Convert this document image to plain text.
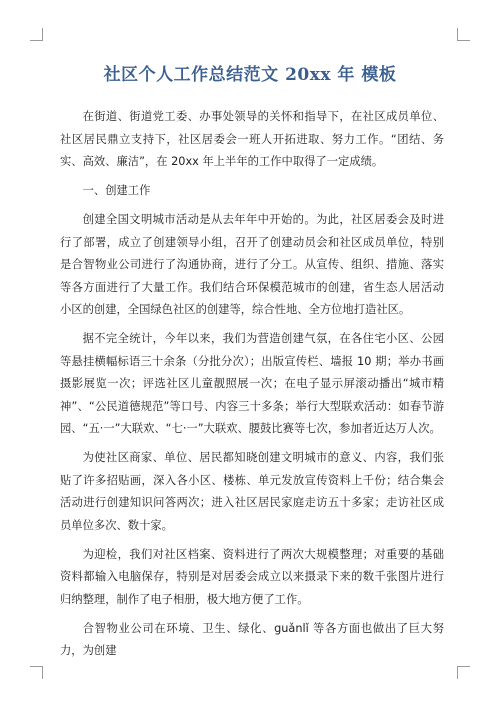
社区个人工作总结范文 20xx 年 模板

在街道、街道党工委、办事处领导的关怀和指导下，在社区成员单位、社区居民鼎立支持下，社区居委会一班人开拓进取、努力工作。“团结、务实、高效、廉洁”，在 20xx 年上半年的工作中取得了一定成绩。

一、创建工作

创建全国文明城市活动是从去年年中开始的。为此，社区居委会及时进行了部署，成立了创建领导小组，召开了创建动员会和社区成员单位，特别是合智物业公司进行了沟通协商，进行了分工。从宣传、组织、措施、落实等各方面进行了大量工作。我们结合环保模范城市的创建，省生态人居活动小区的创建，全国绿色社区的创建等，综合性地、全方位地打造社区。

据不完全统计，今年以来，我们为营造创建气氛，在各住宅小区、公园等悬挂横幅标语三十余条（分批分次）；出版宣传栏、墙报 10 期；举办书画摄影展览一次；评选社区儿童靓照展一次；在电子显示屏滚动播出“城市精神”、“公民道德规范”等口号、内容三十多条；举行大型联欢活动：如春节游园、“五·一”大联欢、“七·一”大联欢、腰鼓比赛等七次，参加者近达万人次。

为使社区商家、单位、居民都知晓创建文明城市的意义、内容，我们张贴了许多招贴画，深入各小区、楼栋、单元发放宣传资料上千份；结合集会活动进行创建知识问答两次；进入社区居民家庭走访五十多家；走访社区成员单位多次、数十家。

为迎检，我们对社区档案、资料进行了两次大规模整理；对重要的基础资料都输入电脑保存，特别是对居委会成立以来摄录下来的数千张图片进行归纳整理，制作了电子相册，极大地方便了工作。

合智物业公司在环境、卫生、绿化、guǎnlǐ 等各方面也做出了巨大努力，为创建
